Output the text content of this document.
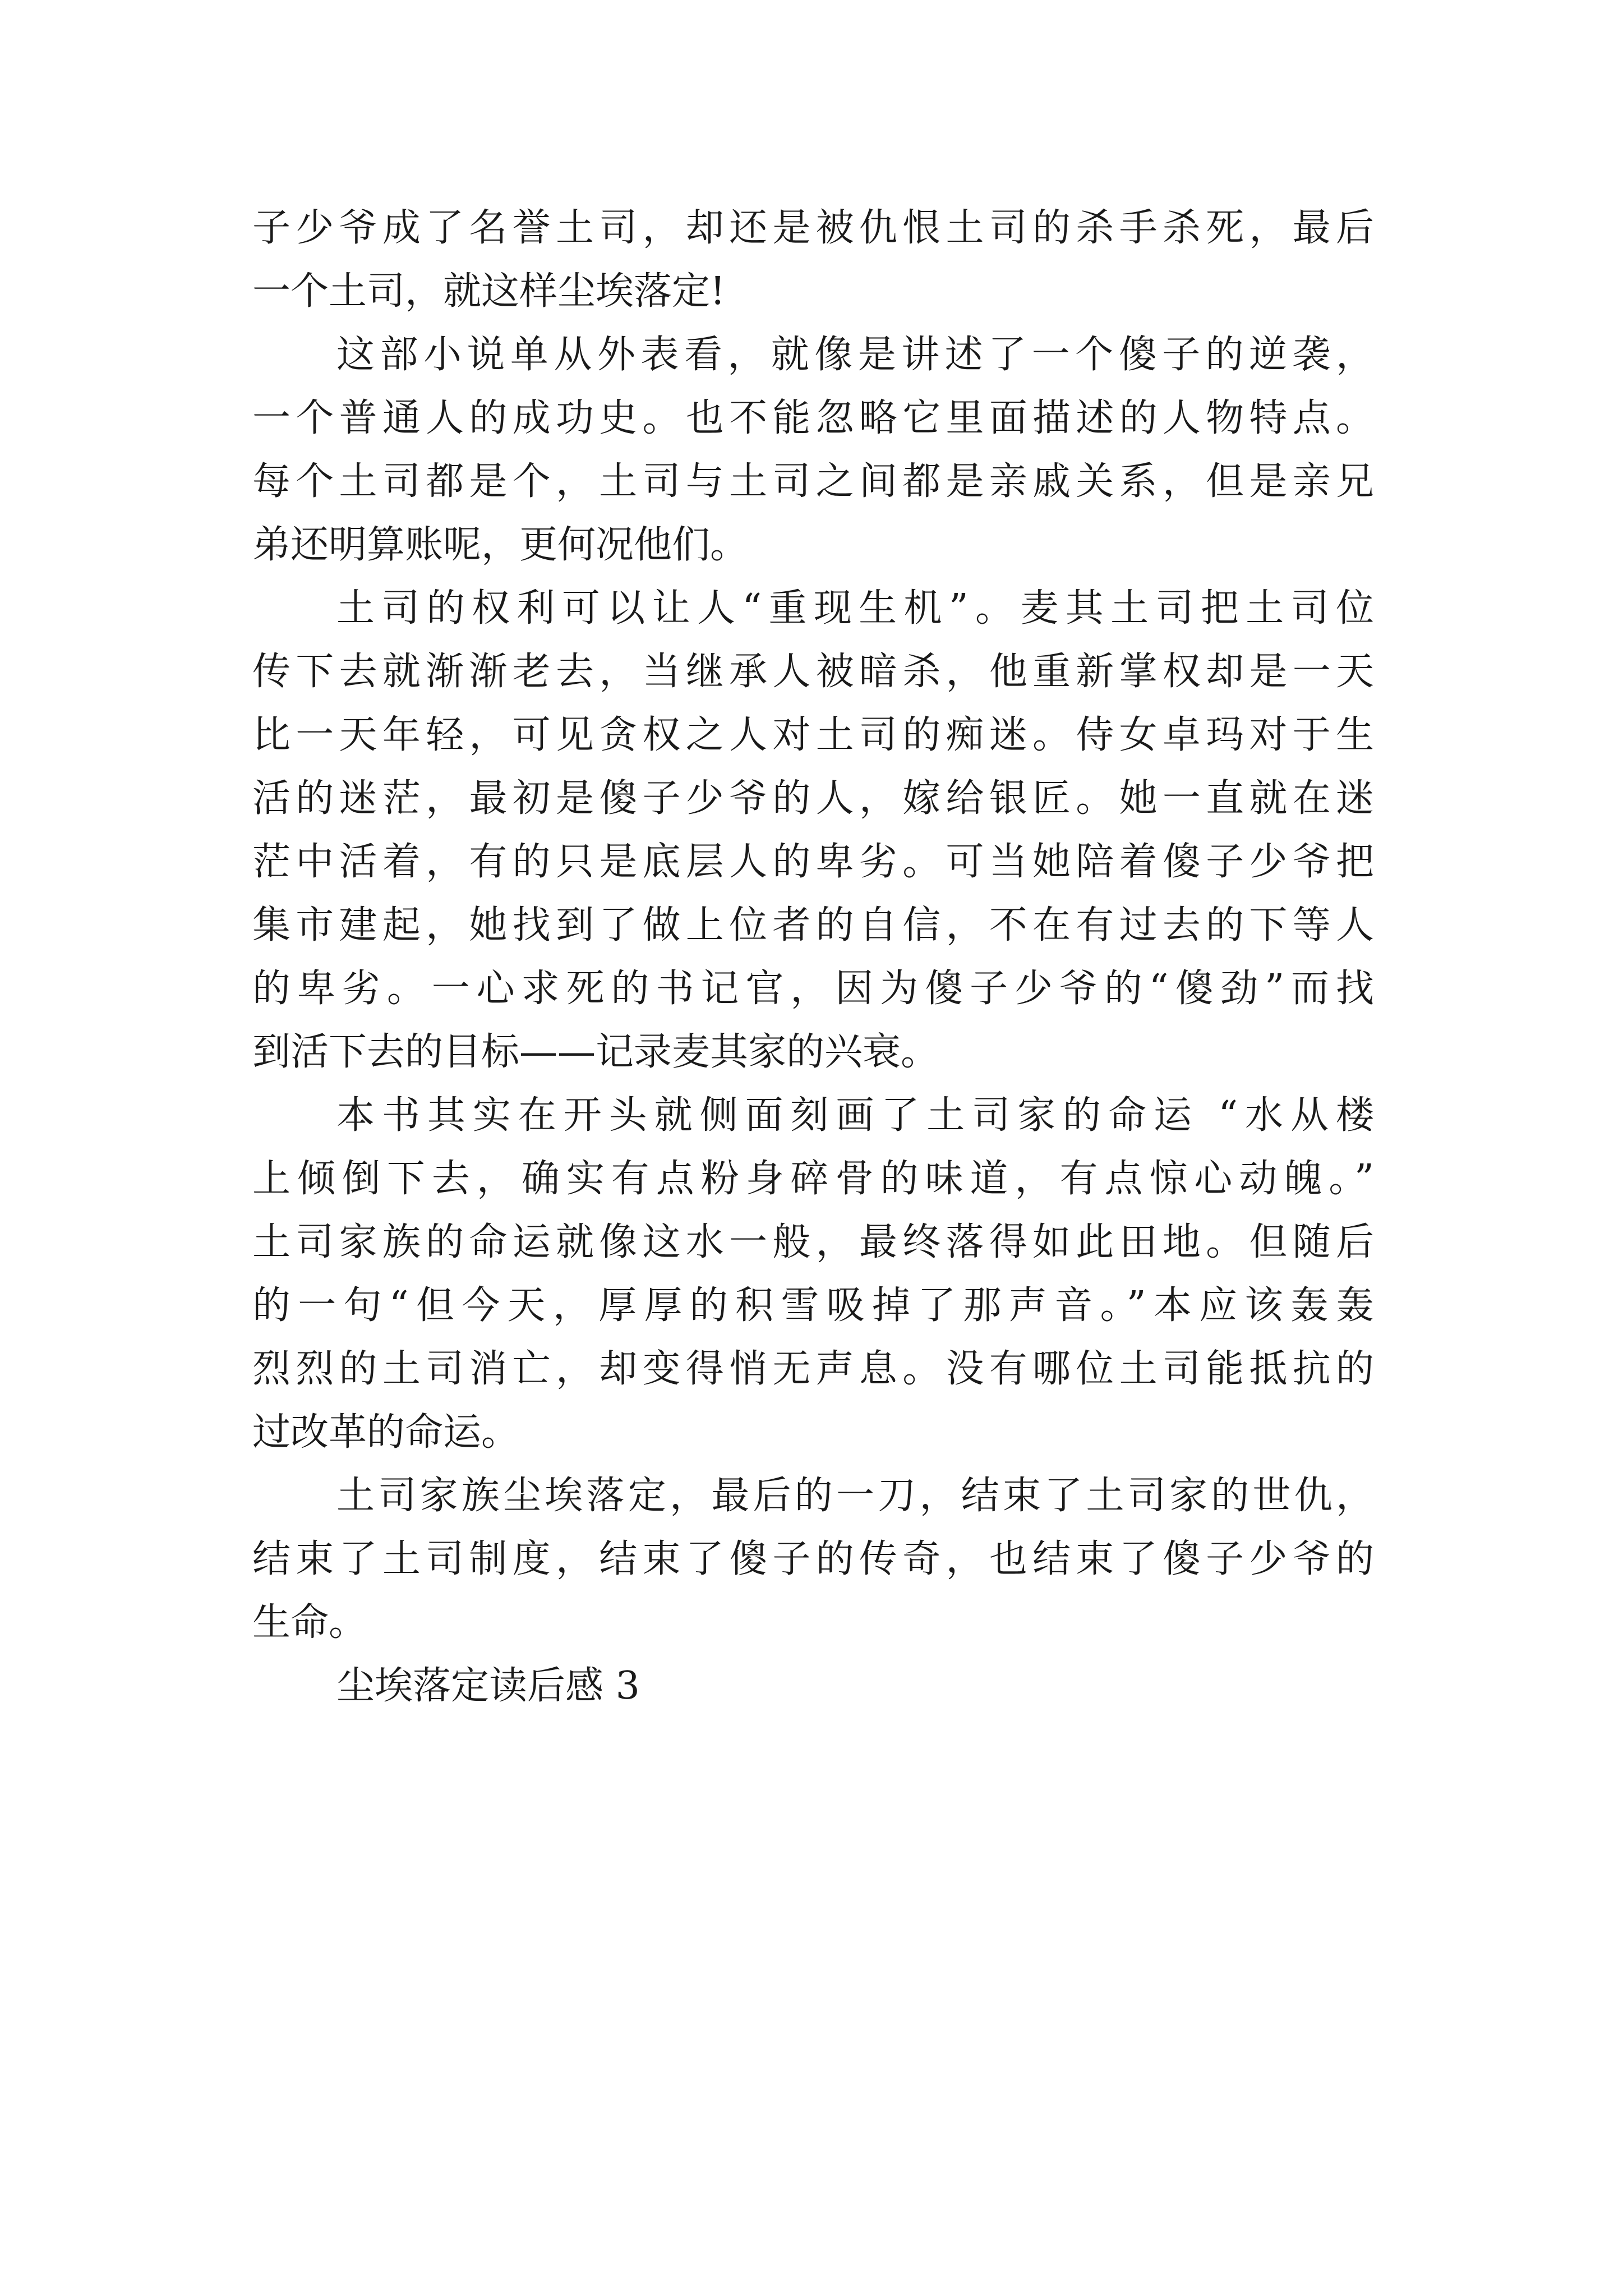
子少爷成了名誉土司，却还是被仇恨土司的杀手杀死，最后
一个土司，就这样尘埃落定!
这部小说单从外表看，就像是讲述了一个傻子的逆袭，
一个普通人的成功史。也不能忽略它里面描述的人物特点。
每个土司都是个，土司与土司之间都是亲戚关系，但是亲兄
弟还明算账呢，更何况他们。
土司的权利可以让人“重现生机”。麦其土司把土司位
传下去就渐渐老去，当继承人被暗杀，他重新掌权却是一天
比一天年轻，可见贪权之人对土司的痴迷。侍女卓玛对于生
活的迷茫，最初是傻子少爷的人，嫁给银匠。她一直就在迷
茫中活着，有的只是底层人的卑劣。可当她陪着傻子少爷把
集市建起，她找到了做上位者的自信，不在有过去的下等人
的卑劣。一心求死的书记官，因为傻子少爷的“傻劲”而找
到活下去的目标——记录麦其家的兴衰。
本书其实在开头就侧面刻画了土司家的命运 “水从楼
上倾倒下去，确实有点粉身碎骨的味道，有点惊心动魄。”
土司家族的命运就像这水一般，最终落得如此田地。但随后
的一句“但今天，厚厚的积雪吸掉了那声音。”本应该轰轰
烈烈的土司消亡，却变得悄无声息。没有哪位土司能抵抗的
过改革的命运。
土司家族尘埃落定，最后的一刀，结束了土司家的世仇，
结束了土司制度，结束了傻子的传奇，也结束了傻子少爷的
生命。
尘埃落定读后感 3
